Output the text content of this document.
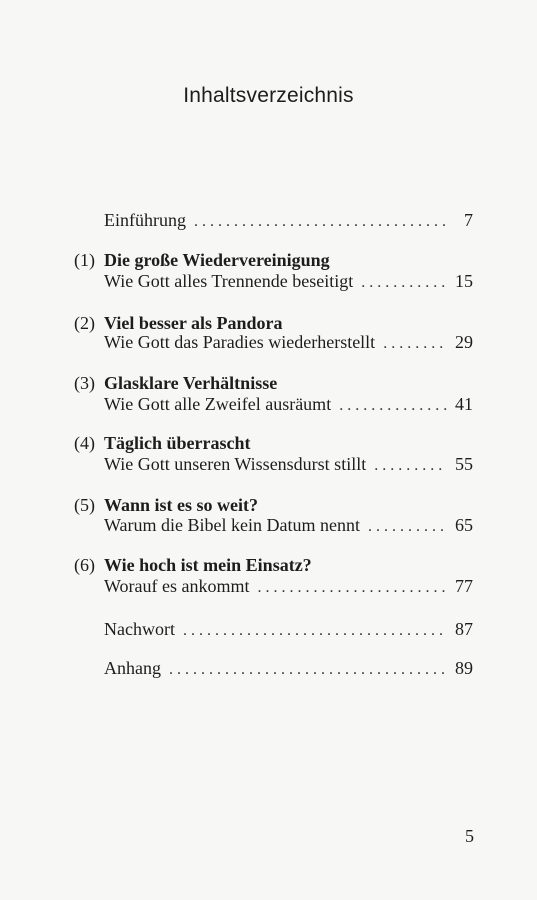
Inhaltsverzeichnis
Einführung . . .	7
(1) Die große Wiedervereinigung
Wie Gott alles Trennende beseitigt . . .	15
(2) Viel besser als Pandora
Wie Gott das Paradies wiederherstellt . . .	29
(3) Glasklare Verhältnisse
Wie Gott alle Zweifel ausräumt . . .	41
(4) Täglich überrascht
Wie Gott unseren Wissensdurst stillt . . .	55
(5) Wann ist es so weit?
Warum die Bibel kein Datum nennt . . .	65
(6) Wie hoch ist mein Einsatz?
Worauf es ankommt . . .	77
Nachwort . . .	87
Anhang . . .	89
5
